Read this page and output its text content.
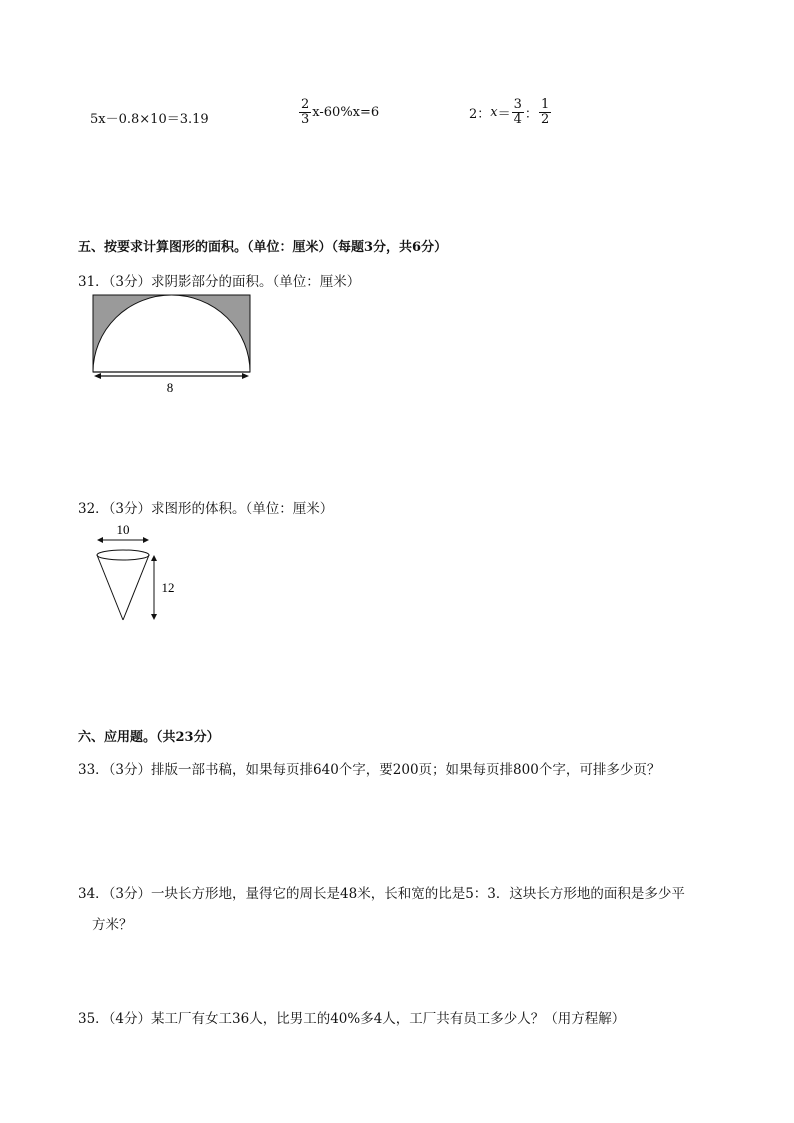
5x－0.8×10＝3.19	$\frac{2}{3} x-60\%x=6$	2： $x = \frac{3}{4}$ ： $\frac{1}{2}$
五、按要求计算图形的面积。（单位：厘米）（每题3分，共6分）
31．（3分）求阴影部分的面积。（单位：厘米）
8
32．（3分）求图形的体积。（单位：厘米）
10
12
六、应用题。（共23分）
33．（3分）排版一部书稿，如果每页排640个字，要200页；如果每页排800个字，可排多少页？
34．（3分）一块长方形地，量得它的周长是48米，长和宽的比是5：3．这块长方形地的面积是多少平
方米？
35．（4分）某工厂有女工36人，比男工的40%多4人，工厂共有员工多少人？（用方程解）
